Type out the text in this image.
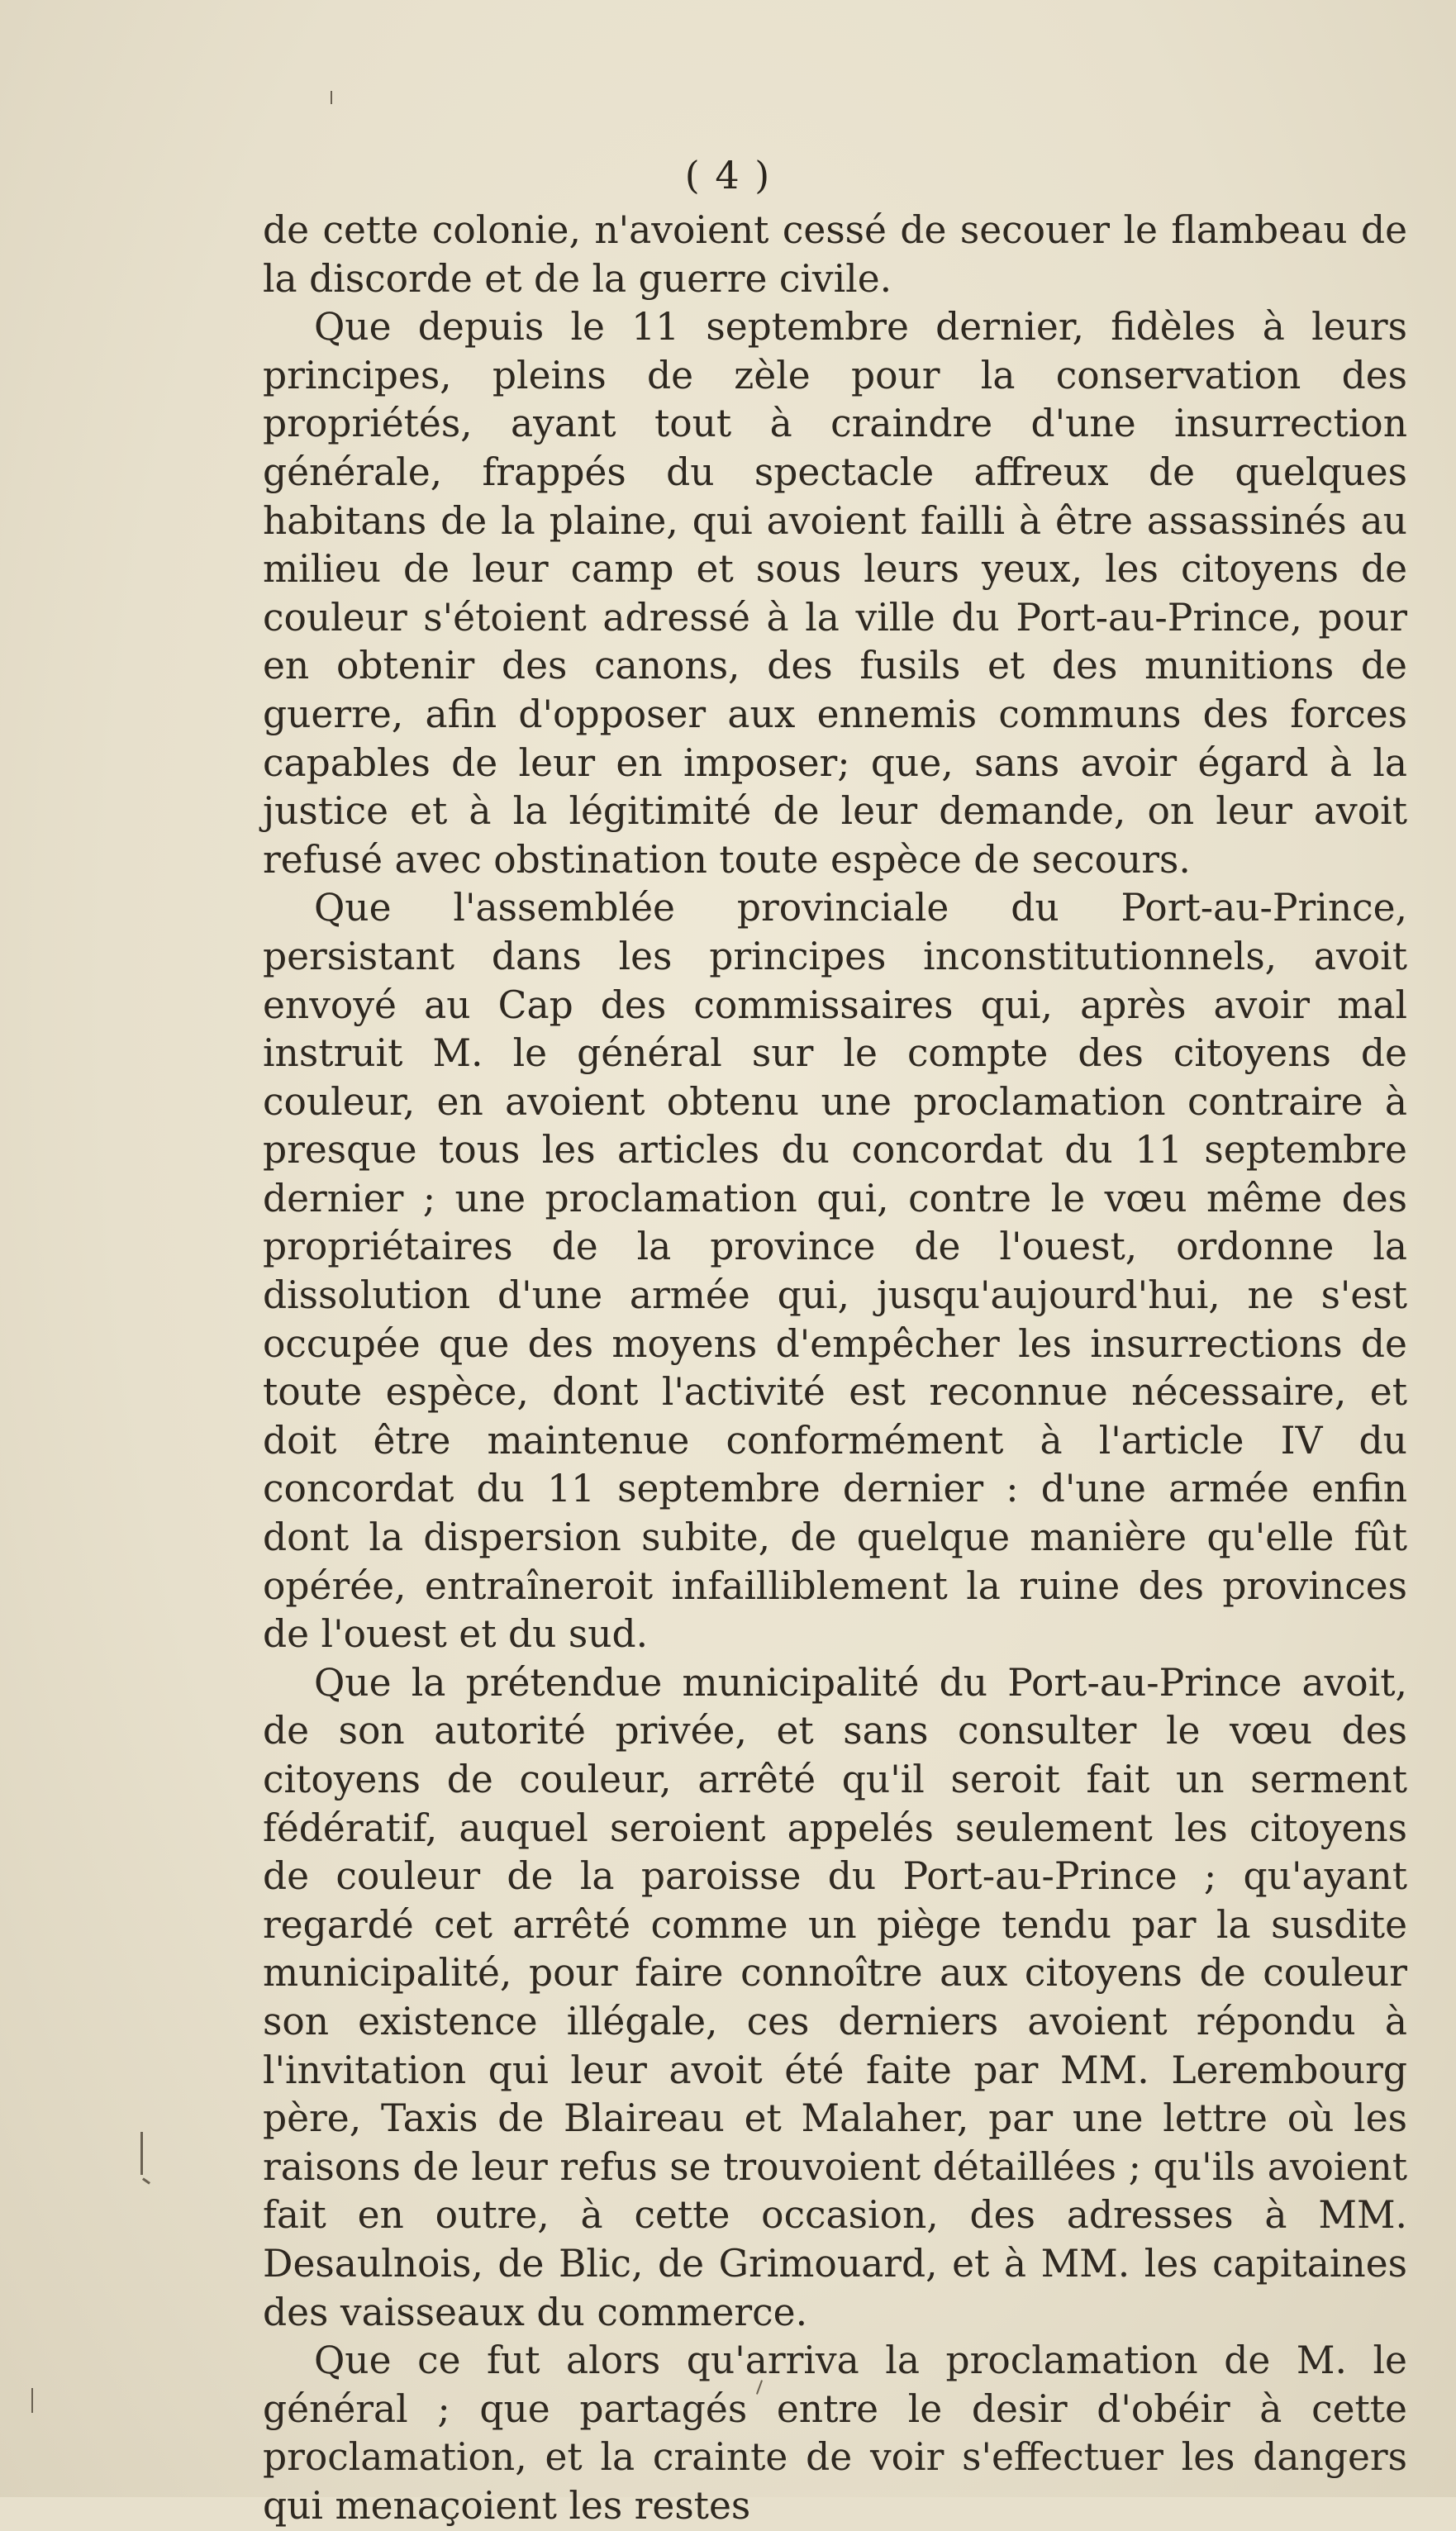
( 4 )

de cette colonie, n'avoient cessé de secouer le flambeau de la discorde et de la guerre civile.

Que depuis le 11 septembre dernier, fidèles à leurs principes, pleins de zèle pour la conservation des propriétés, ayant tout à craindre d'une insurrection générale, frappés du spectacle affreux de quelques habitans de la plaine, qui avoient failli à être assassinés au milieu de leur camp et sous leurs yeux, les citoyens de couleur s'étoient adressé à la ville du Port-au-Prince, pour en obtenir des canons, des fusils et des munitions de guerre, afin d'opposer aux ennemis communs des forces capables de leur en imposer; que, sans avoir égard à la justice et à la légitimité de leur demande, on leur avoit refusé avec obstination toute espèce de secours.

Que l'assemblée provinciale du Port-au-Prince, persistant dans les principes inconstitutionnels, avoit envoyé au Cap des commissaires qui, après avoir mal instruit M. le général sur le compte des citoyens de couleur, en avoient obtenu une proclamation contraire à presque tous les articles du concordat du 11 septembre dernier ; une proclamation qui, contre le vœu même des propriétaires de la province de l'ouest, ordonne la dissolution d'une armée qui, jusqu'aujourd'hui, ne s'est occupée que des moyens d'empêcher les insurrections de toute espèce, dont l'activité est reconnue nécessaire, et doit être maintenue conformément à l'article IV du concordat du 11 septembre dernier : d'une armée enfin dont la dispersion subite, de quelque manière qu'elle fût opérée, entraîneroit infailliblement la ruine des provinces de l'ouest et du sud.

Que la prétendue municipalité du Port-au-Prince avoit, de son autorité privée, et sans consulter le vœu des citoyens de couleur, arrêté qu'il seroit fait un serment fédératif, auquel seroient appelés seulement les citoyens de couleur de la paroisse du Port-au-Prince ; qu'ayant regardé cet arrêté comme un piège tendu par la susdite municipalité, pour faire connoître aux citoyens de couleur son existence illégale, ces derniers avoient répondu à l'invitation qui leur avoit été faite par MM. Lerembourg père, Taxis de Blaireau et Malaher, par une lettre où les raisons de leur refus se trouvoient détaillées ; qu'ils avoient fait en outre, à cette occasion, des adresses à MM. Desaulnois, de Blic, de Grimouard, et à MM. les capitaines des vaisseaux du commerce.

Que ce fut alors qu'arriva la proclamation de M. le général ; que partagés entre le desir d'obéir à cette proclamation, et la crainte de voir s'effectuer les dangers qui menaçoient les restes
